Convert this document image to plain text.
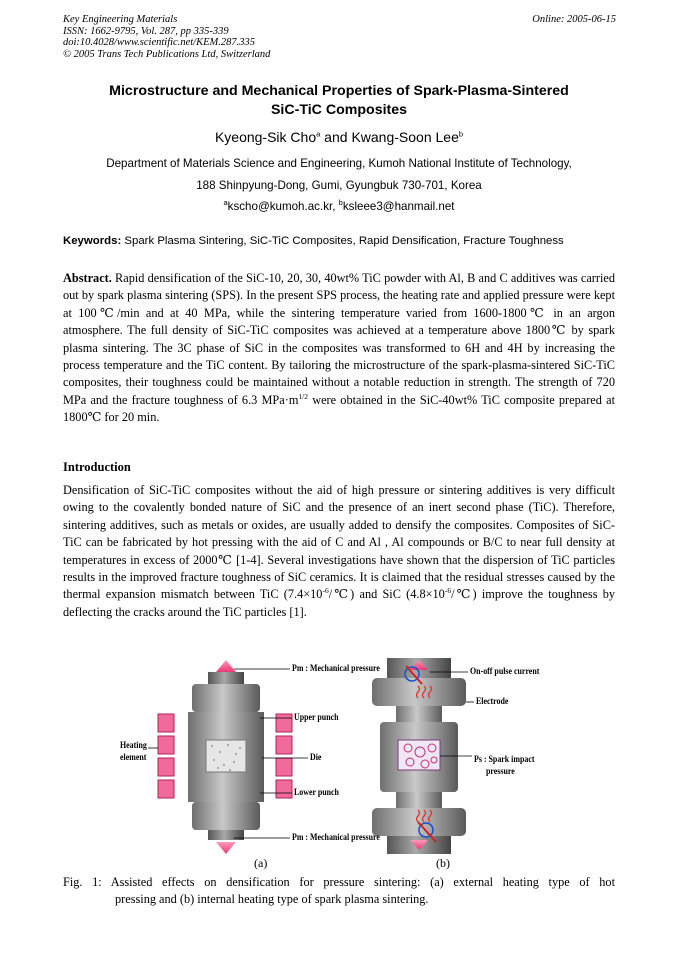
Key Engineering Materials
ISSN: 1662-9795, Vol. 287, pp 335-339
doi:10.4028/www.scientific.net/KEM.287.335
© 2005 Trans Tech Publications Ltd, Switzerland
Online: 2005-06-15
Microstructure and Mechanical Properties of Spark-Plasma-Sintered
SiC-TiC Composites
Kyeong-Sik Cho$^a$ and Kwang-Soon Lee$^b$
Department of Materials Science and Engineering, Kumoh National Institute of Technology,
188 Shinpyung-Dong, Gumi, Gyungbuk 730-701, Korea
$^a$kscho@kumoh.ac.kr, $^b$ksleee3@hanmail.net
Keywords: Spark Plasma Sintering, SiC-TiC Composites, Rapid Densification, Fracture Toughness
Abstract. Rapid densification of the SiC-10, 20, 30, 40wt% TiC powder with Al, B and C additives was carried out by spark plasma sintering (SPS). In the present SPS process, the heating rate and applied pressure were kept at 100℃/min and at 40 MPa, while the sintering temperature varied from 1600-1800℃ in an argon atmosphere. The full density of SiC-TiC composites was achieved at a temperature above 1800℃ by spark plasma sintering. The 3C phase of SiC in the composites was transformed to 6H and 4H by increasing the process temperature and the TiC content. By tailoring the microstructure of the spark-plasma-sintered SiC-TiC composites, their toughness could be maintained without a notable reduction in strength. The strength of 720 MPa and the fracture toughness of 6.3 $MPa\cdot m^{1/2}$ were obtained in the SiC-40wt% TiC composite prepared at 1800℃ for 20 min.
Introduction
Densification of SiC-TiC composites without the aid of high pressure or sintering additives is very difficult owing to the covalently bonded nature of SiC and the presence of an inert second phase (TiC). Therefore, sintering additives, such as metals or oxides, are usually added to densify the composites. Composites of SiC-TiC can be fabricated by hot pressing with the aid of C and Al , Al compounds or B/C to near full density at temperatures in excess of 2000℃ [1-4]. Several investigations have shown that the dispersion of TiC particles results in the improved fracture toughness of SiC ceramics. It is claimed that the residual stresses caused by the thermal expansion mismatch between TiC $(7.4\times 10^{-6}/℃)$ and SiC $(4.8\times 10^{-6}/℃)$ improve the toughness by deflecting the cracks around the TiC particles [1].
Pm : Mechanical pressure
Upper punch
Die
Lower punch
Pm : Mechanical pressure
Heating
element
On-off pulse current
Electrode
Ps : Spark impact
pressure
(a)	(b)
Fig. 1: Assisted effects on densification for pressure sintering: (a) external heating type of hot
pressing and (b) internal heating type of spark plasma sintering.
